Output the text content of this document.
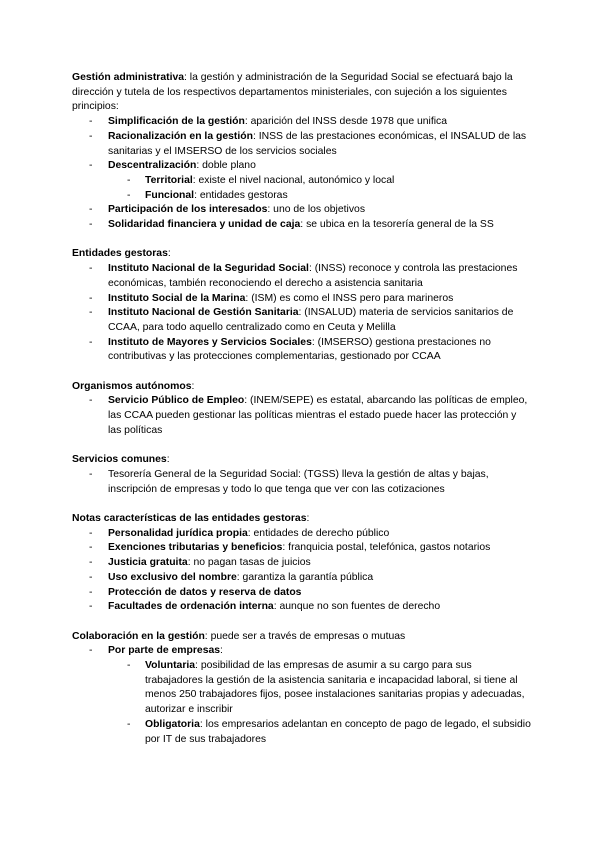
Gestión administrativa: la gestión y administración de la Seguridad Social se efectuará bajo la dirección y tutela de los respectivos departamentos ministeriales, con sujeción a los siguientes principios:
- Simplificación de la gestión: aparición del INSS desde 1978 que unifica
- Racionalización en la gestión: INSS de las prestaciones económicas, el INSALUD de las sanitarias y el IMSERSO de los servicios sociales
- Descentralización: doble plano
- Territorial: existe el nivel nacional, autonómico y local
- Funcional: entidades gestoras
- Participación de los interesados: uno de los objetivos
- Solidaridad financiera y unidad de caja: se ubica en la tesorería general de la SS
Entidades gestoras:
- Instituto Nacional de la Seguridad Social: (INSS) reconoce y controla las prestaciones económicas, también reconociendo el derecho a asistencia sanitaria
- Instituto Social de la Marina: (ISM) es como el INSS pero para marineros
- Instituto Nacional de Gestión Sanitaria: (INSALUD) materia de servicios sanitarios de CCAA, para todo aquello centralizado como en Ceuta y Melilla
- Instituto de Mayores y Servicios Sociales: (IMSERSO) gestiona prestaciones no contributivas y las protecciones complementarias, gestionado por CCAA
Organismos autónomos:
- Servicio Público de Empleo: (INEM/SEPE) es estatal, abarcando las políticas de empleo, las CCAA pueden gestionar las políticas mientras el estado puede hacer las protección y las políticas
Servicios comunes:
- Tesorería General de la Seguridad Social: (TGSS) lleva la gestión de altas y bajas, inscripción de empresas y todo lo que tenga que ver con las cotizaciones
Notas características de las entidades gestoras:
- Personalidad jurídica propia: entidades de derecho público
- Exenciones tributarias y beneficios: franquicia postal, telefónica, gastos notarios
- Justicia gratuita: no pagan tasas de juicios
- Uso exclusivo del nombre: garantiza la garantía pública
- Protección de datos y reserva de datos
- Facultades de ordenación interna: aunque no son fuentes de derecho
Colaboración en la gestión: puede ser a través de empresas o mutuas
- Por parte de empresas:
- Voluntaria: posibilidad de las empresas de asumir a su cargo para sus trabajadores la gestión de la asistencia sanitaria e incapacidad laboral, si tiene al menos 250 trabajadores fijos, posee instalaciones sanitarias propias y adecuadas, autorizar e inscribir
- Obligatoria: los empresarios adelantan en concepto de pago de legado, el subsidio por IT de sus trabajadores
